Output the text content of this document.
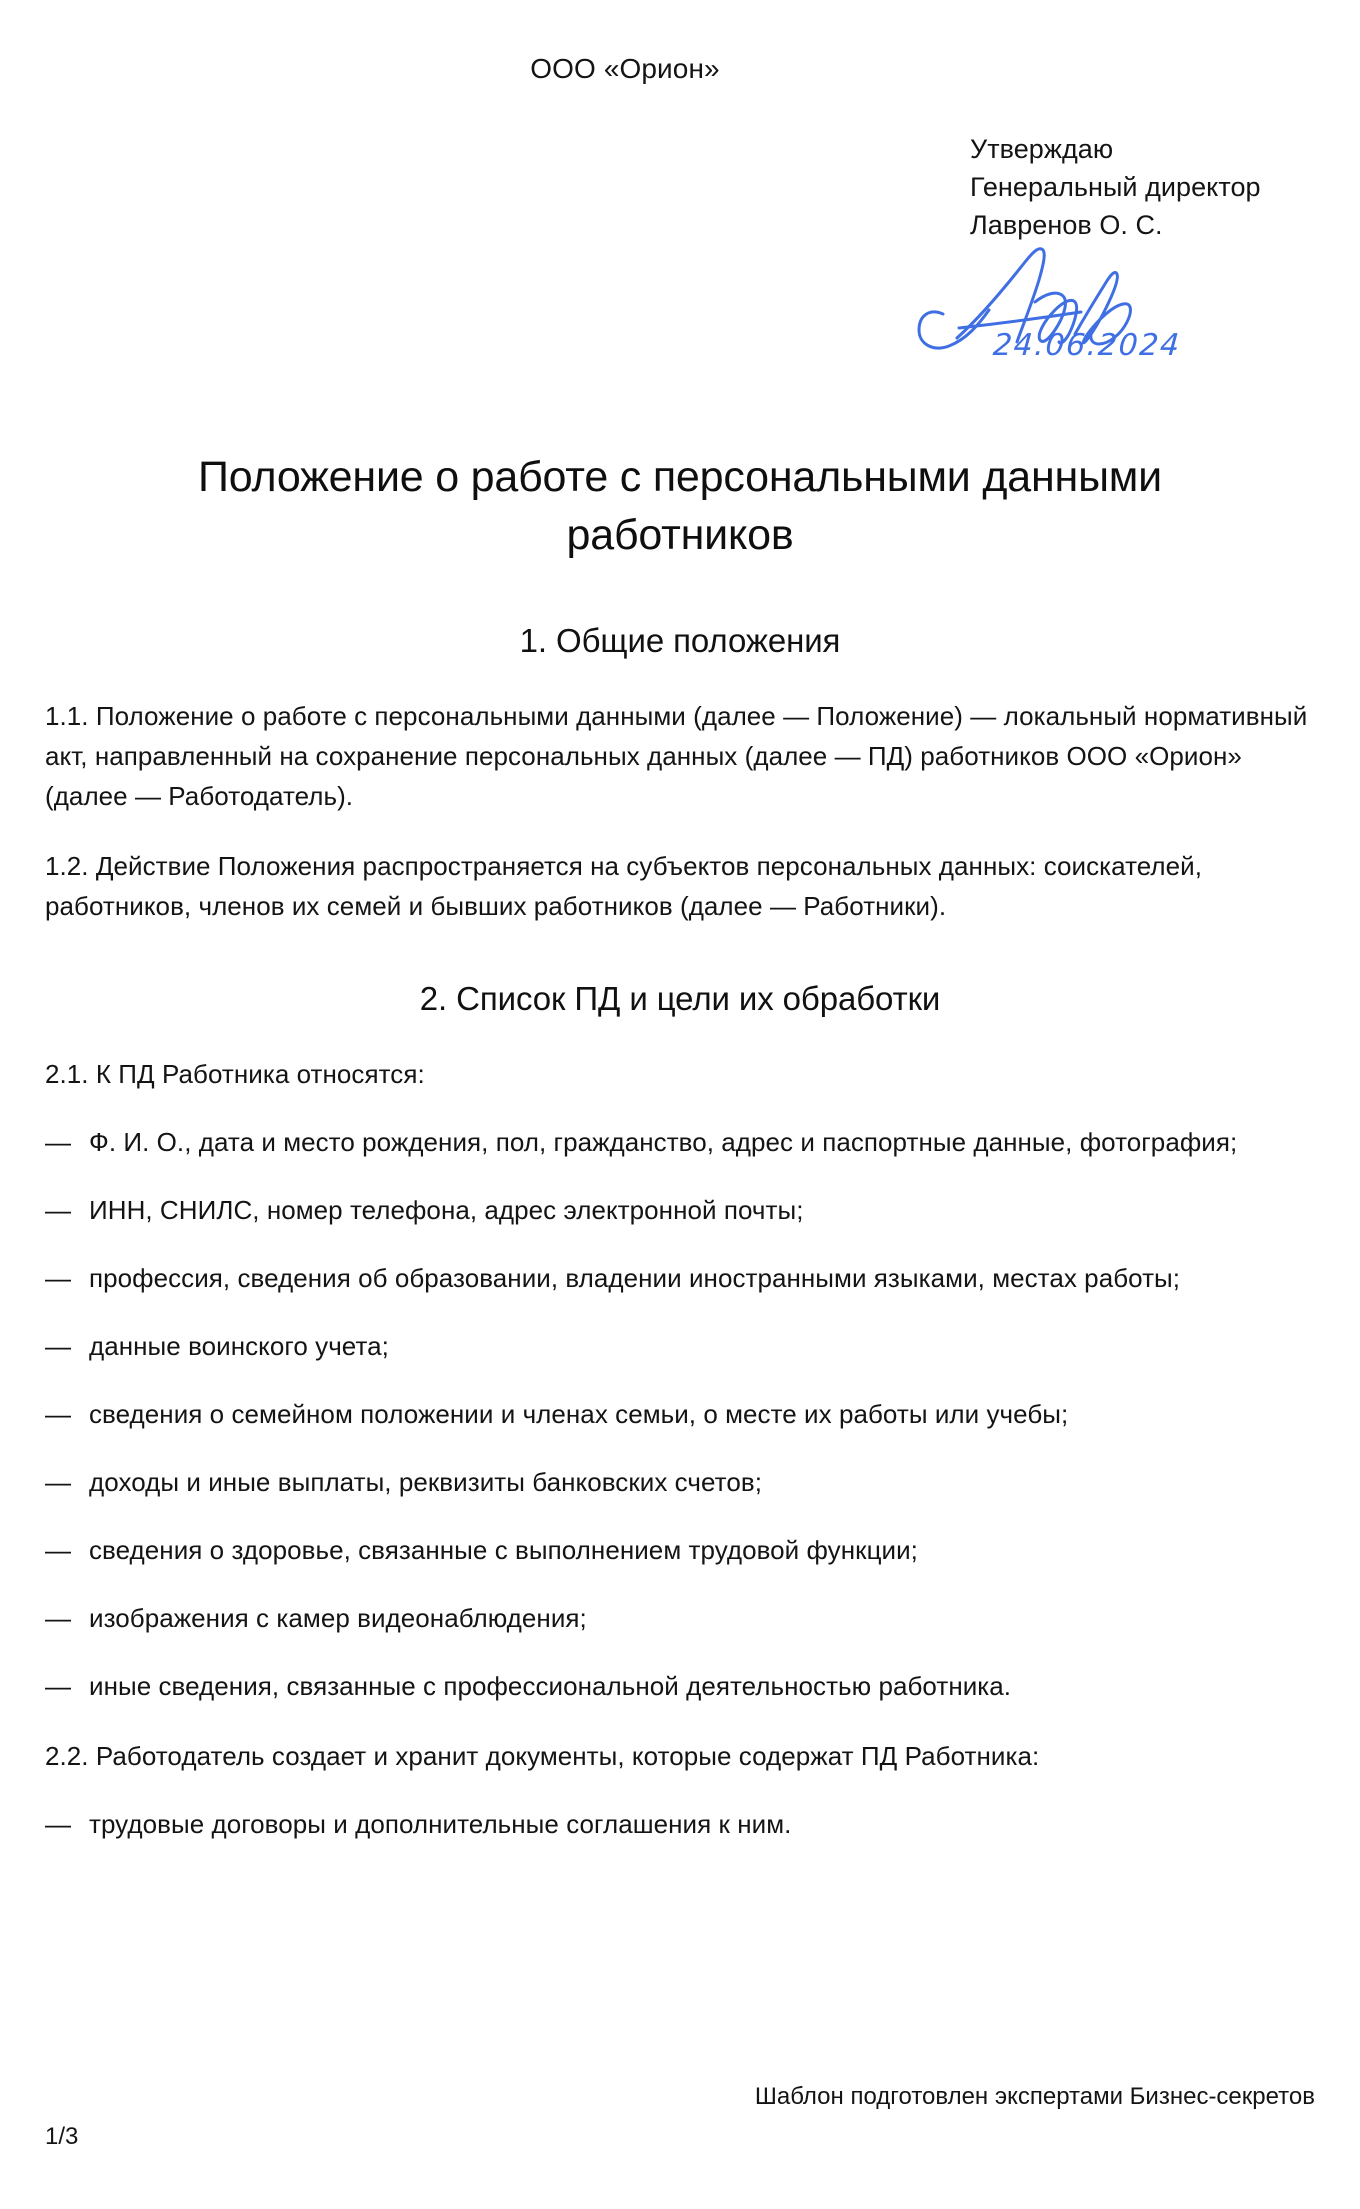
ООО «Орион»
Утверждаю
Генеральный директор
Лавренов О. С.
24.06.2024
Положение о работе с персональными данными работников
1. Общие положения

1.1. Положение о работе с персональными данными (далее — Положение) — локальный нормативный акт, направленный на сохранение персональных данных (далее — ПД) работников ООО «Орион» (далее — Работодатель).

1.2. Действие Положения распространяется на субъектов персональных данных: соискателей, работников, членов их семей и бывших работников (далее — Работники).

2. Список ПД и цели их обработки

2.1. К ПД Работника относятся:

— Ф. И. О., дата и место рождения, пол, гражданство, адрес и паспортные данные, фотография;
— ИНН, СНИЛС, номер телефона, адрес электронной почты;
— профессия, сведения об образовании, владении иностранными языками, местах работы;
— данные воинского учета;
— сведения о семейном положении и членах семьи, о месте их работы или учебы;
— доходы и иные выплаты, реквизиты банковских счетов;
— сведения о здоровье, связанные с выполнением трудовой функции;
— изображения с камер видеонаблюдения;
— иные сведения, связанные с профессиональной деятельностью работника.

2.2. Работодатель создает и хранит документы, которые содержат ПД Работника:

— трудовые договоры и дополнительные соглашения к ним.
Шаблон подготовлен экспертами Бизнес-секретов
1/3
